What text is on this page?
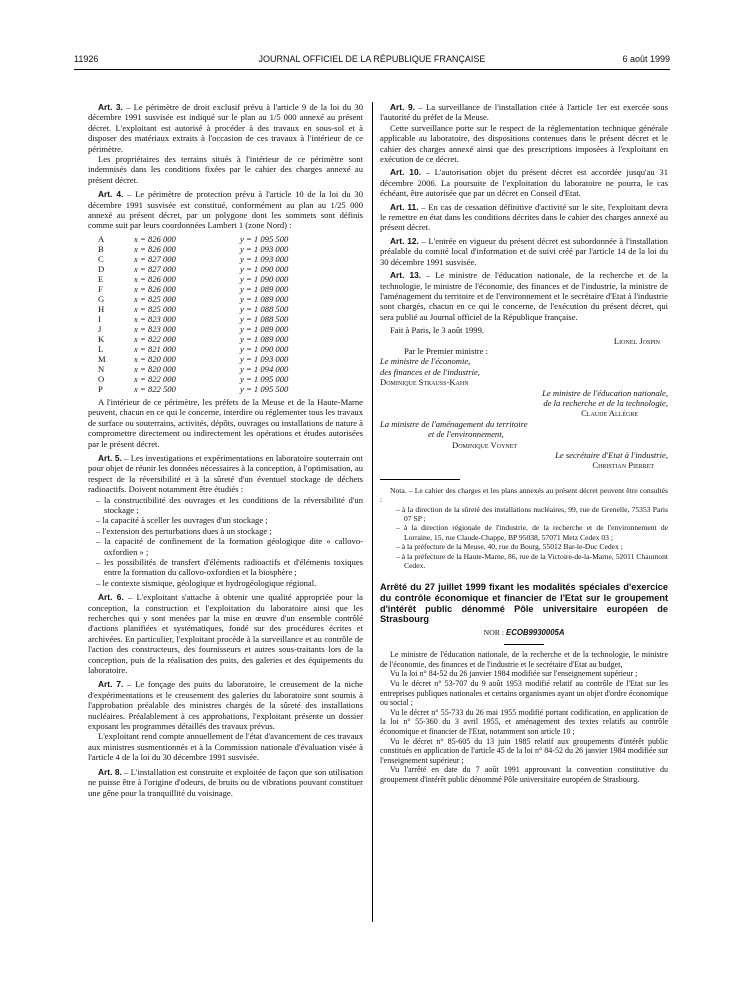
11926	JOURNAL OFFICIEL DE LA RÉPUBLIQUE FRANÇAISE	6 août 1999

Art. 3. – Le périmètre de droit exclusif prévu à l'article 9 de la loi du 30 décembre 1991 susvisée est indiqué sur le plan au 1/5 000 annexé au présent décret. L'exploitant est autorisé à procéder à des travaux en sous-sol et à disposer des matériaux extraits à l'occasion de ces travaux à l'intérieur de ce périmètre.

Les propriétaires des terrains situés à l'intérieur de ce périmètre sont indemnisés dans les conditions fixées par le cahier des charges annexé au présent décret.

Art. 4. – Le périmètre de protection prévu à l'article 10 de la loi du 30 décembre 1991 susvisée est constitué, conformément au plan au 1/25 000 annexé au présent décret, par un polygone dont les sommets sont définis comme suit par leurs coordonnées Lambert 1 (zone Nord) :

A	x = 826 000	y = 1 095 500
B	x = 826 000	y = 1 093 000
C	x = 827 000	y = 1 093 000
D	x = 827 000	y = 1 090 000
E	x = 826 000	y = 1 090 000
F	x = 826 000	y = 1 089 000
G	x = 825 000	y = 1 089 000
H	x = 825 000	y = 1 088 500
I	x = 823 000	y = 1 088 500
J	x = 823 000	y = 1 089 000
K	x = 822 000	y = 1 089 000
L	x = 821 000	y = 1 090 000
M	x = 820 000	y = 1 093 000
N	x = 820 000	y = 1 094 000
O	x = 822 000	y = 1 095 000
P	x = 822 500	y = 1 095 500

A l'intérieur de ce périmètre, les préfets de la Meuse et de la Haute-Marne peuvent, chacun en ce qui le concerne, interdire ou réglementer tous les travaux de surface ou souterrains, activités, dépôts, ouvrages ou installations de nature à compromettre directement ou indirectement les opérations et études autorisées par le présent décret.

Art. 5. – Les investigations et expérimentations en laboratoire souterrain ont pour objet de réunir les données nécessaires à la conception, à l'optimisation, au respect de la réversibilité et à la sûreté d'un éventuel stockage de déchets radioactifs. Doivent notamment être étudiés :

– la constructibilité des ouvrages et les conditions de la réversibilité d'un stockage ;
– la capacité à sceller les ouvrages d'un stockage ;
– l'extension des perturbations dues à un stockage ;
– la capacité de confinement de la formation géologique dite « callovo-oxfordien » ;
– les possibilités de transfert d'éléments radioactifs et d'éléments toxiques entre la formation du callovo-oxfordien et la biosphère ;
– le contexte sismique, géologique et hydrogéologique régional.

Art. 6. – L'exploitant s'attache à obtenir une qualité appropriée pour la conception, la construction et l'exploitation du laboratoire ainsi que les recherches qui y sont menées par la mise en œuvre d'un ensemble contrôlé d'actions planifiées et systématiques, fondé sur des procédures écrites et archivées. En particulier, l'exploitant procède à la surveillance et au contrôle de l'action des constructeurs, des fournisseurs et autres sous-traitants lors de la conception, puis de la réalisation des puits, des galeries et des équipements du laboratoire.

Art. 7. – Le fonçage des puits du laboratoire, le creusement de la niche d'expérimentations et le creusement des galeries du laboratoire sont soumis à l'approbation préalable des ministres chargés de la sûreté des installations nucléaires. Préalablement à ces approbations, l'exploitant présente un dossier exposant les programmes détaillés des travaux prévus.

L'exploitant rend compte annuellement de l'état d'avancement de ces travaux aux ministres susmentionnés et à la Commission nationale d'évaluation visée à l'article 4 de la loi du 30 décembre 1991 susvisée.

Art. 8. – L'installation est construite et exploitée de façon que son utilisation ne puisse être à l'origine d'odeurs, de bruits ou de vibrations pouvant constituer une gêne pour la tranquillité du voisinage.

Art. 9. – La surveillance de l'installation citée à l'article 1er est exercée sous l'autorité du préfet de la Meuse.

Cette surveillance porte sur le respect de la réglementation technique générale applicable au laboratoire, des dispositions contenues dans le présent décret et le cahier des charges annexé ainsi que des prescriptions imposées à l'exploitant en exécution de ce décret.

Art. 10. – L'autorisation objet du présent décret est accordée jusqu'au 31 décembre 2006. La poursuite de l'exploitation du laboratoire ne pourra, le cas échéant, être autorisée que par un décret en Conseil d'Etat.

Art. 11. – En cas de cessation définitive d'activité sur le site, l'exploitant devra le remettre en état dans les conditions décrites dans le cahier des charges annexé au présent décret.

Art. 12. – L'entrée en vigueur du présent décret est subordonnée à l'installation préalable du comité local d'information et de suivi créé par l'article 14 de la loi du 30 décembre 1991 susvisée.

Art. 13. – Le ministre de l'éducation nationale, de la recherche et de la technologie, le ministre de l'économie, des finances et de l'industrie, la ministre de l'aménagement du territoire et de l'environnement et le secrétaire d'Etat à l'industrie sont chargés, chacun en ce qui le concerne, de l'exécution du présent décret, qui sera publié au Journal officiel de la République française.

Fait à Paris, le 3 août 1999.

Lionel Jospin
Par le Premier ministre :
Le ministre de l'économie,
des finances et de l'industrie,
Dominique Strauss-Kahn
Le ministre de l'éducation nationale,
de la recherche et de la technologie,
Claude Allègre
La ministre de l'aménagement du territoire
et de l'environnement,
Dominique Voynet
Le secrétaire d'Etat à l'industrie,
Christian Pierret

Nota. – Le cahier des charges et les plans annexés au présent décret peuvent être consultés :

– à la direction de la sûreté des installations nucléaires, 99, rue de Grenelle, 75353 Paris 07 SP ;
– à la direction régionale de l'industrie, de la recherche et de l'environnement de Lorraine, 15, rue Claude-Chappe, BP 95038, 57071 Metz Cedex 03 ;
– à la préfecture de la Meuse, 40, rue du Bourg, 55012 Bar-le-Duc Cedex ;
– à la préfecture de la Haute-Marne, 86, rue de la Victoire-de-la-Marne, 52011 Chaumont Cedex.
Arrêté du 27 juillet 1999 fixant les modalités spéciales d'exercice du contrôle économique et financier de l'Etat sur le groupement d'intérêt public dénommé Pôle universitaire européen de Strasbourg
NOR : ECOB9930005A

Le ministre de l'éducation nationale, de la recherche et de la technologie, le ministre de l'économie, des finances et de l'industrie et le secrétaire d'Etat au budget,

Vu la loi n° 84-52 du 26 janvier 1984 modifiée sur l'enseignement supérieur ;

Vu le décret n° 53-707 du 9 août 1953 modifié relatif au contrôle de l'Etat sur les entreprises publiques nationales et certains organismes ayant un objet d'ordre économique ou social ;

Vu le décret n° 55-733 du 26 mai 1955 modifié portant codification, en application de la loi n° 55-360 du 3 avril 1955, et aménagement des textes relatifs au contrôle économique et financier de l'Etat, notamment son article 10 ;

Vu le décret n° 85-605 du 13 juin 1985 relatif aux groupements d'intérêt public constitués en application de l'article 45 de la loi n° 84-52 du 26 janvier 1984 modifiée sur l'enseignement supérieur ;

Vu l'arrêté en date du 7 août 1991 approuvant la convention constitutive du groupement d'intérêt public dénommé Pôle universitaire européen de Strasbourg.
